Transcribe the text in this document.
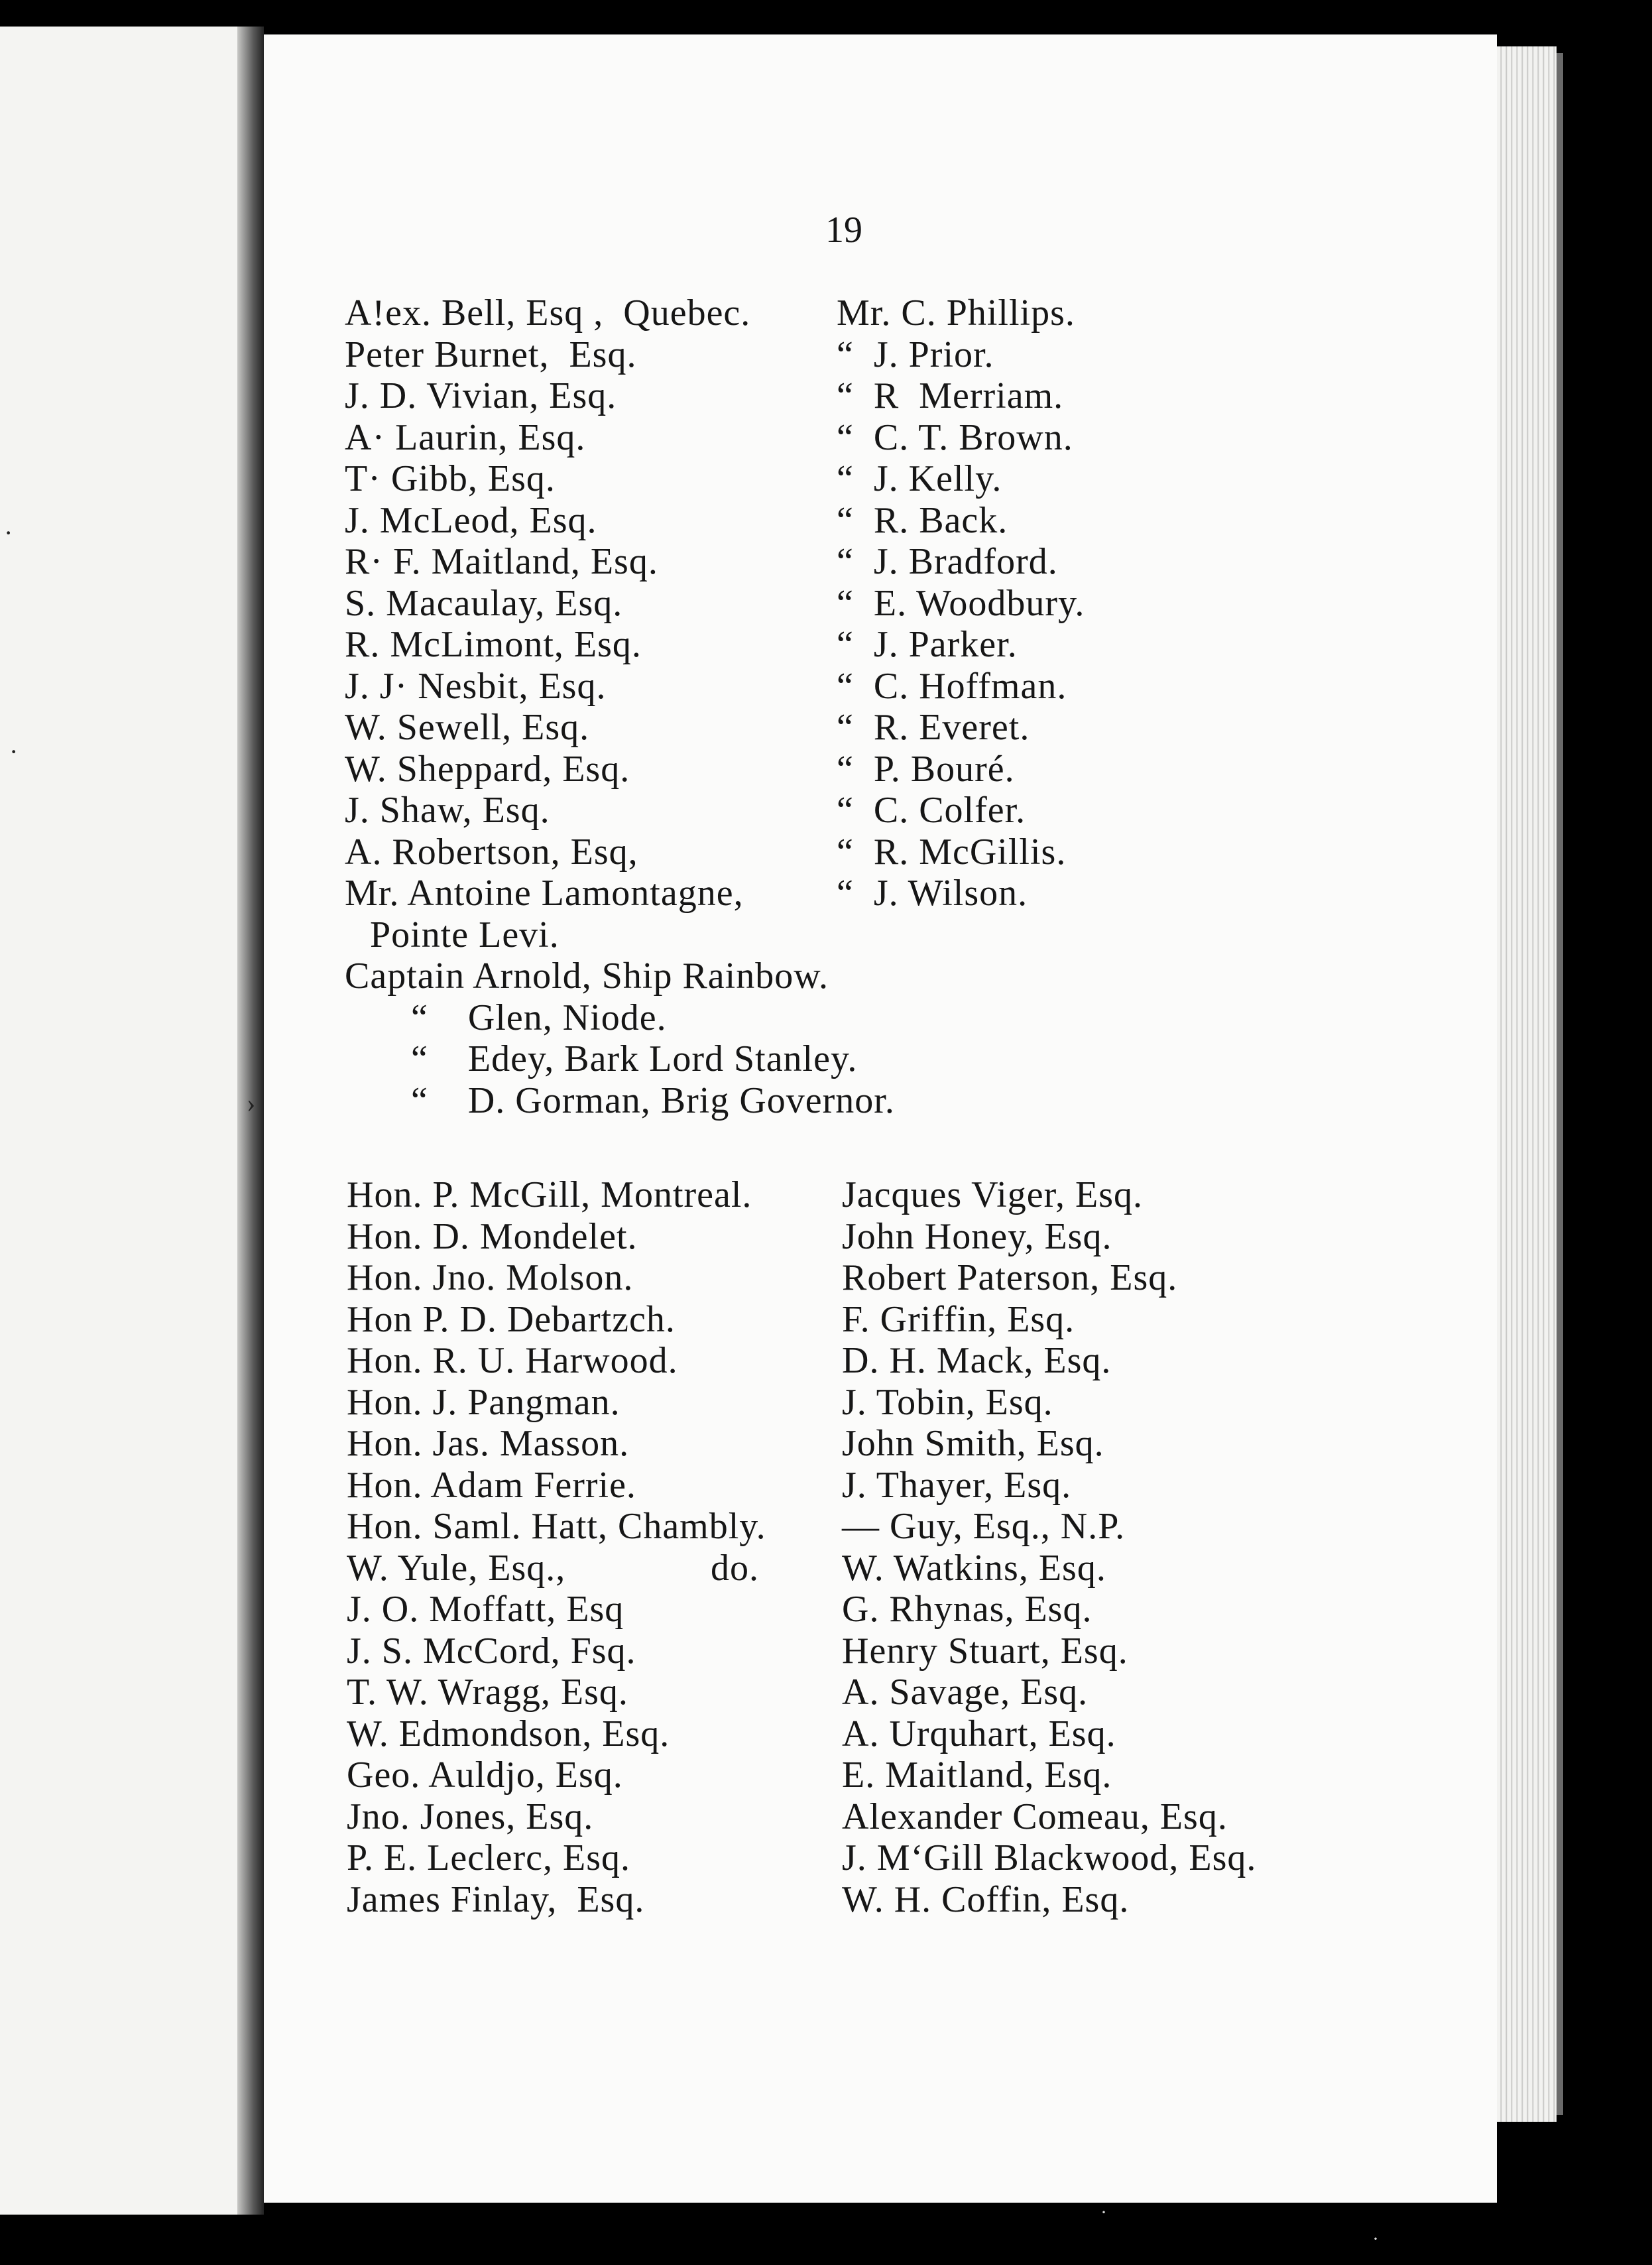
·
·
›
·
·
19
A!ex. Bell, Esq ,  Quebec.
Peter Burnet,  Esq.
J. D. Vivian, Esq.
A· Laurin, Esq.
T· Gibb, Esq.
J. McLeod, Esq.
R· F. Maitland, Esq.
S. Macaulay, Esq.
R. McLimont, Esq.
J. J· Nesbit, Esq.
W. Sewell, Esq.
W. Sheppard, Esq.
J. Shaw, Esq.
A. Robertson, Esq,
Mr. Antoine Lamontagne,
Pointe Levi.
Mr. C. Phillips.
“  J. Prior.
“  R  Merriam.
“  C. T. Brown.
“  J. Kelly.
“  R. Back.
“  J. Bradford.
“  E. Woodbury.
“  J. Parker.
“  C. Hoffman.
“  R. Everet.
“  P. Bouré.
“  C. Colfer.
“  R. McGillis.
“  J. Wilson.
Captain Arnold, Ship Rainbow.
“    Glen, Niode.
“    Edey, Bark Lord Stanley.
“    D. Gorman, Brig Governor.
Hon. P. McGill, Montreal.
Hon. D. Mondelet.
Hon. Jno. Molson.
Hon P. D. Debartzch.
Hon. R. U. Harwood.
Hon. J. Pangman.
Hon. Jas. Masson.
Hon. Adam Ferrie.
Hon. Saml. Hatt, Chambly.
W. Yule, Esq.,
J. O. Moffatt, Esq
J. S. McCord, Fsq.
T. W. Wragg, Esq.
W. Edmondson, Esq.
Geo. Auldjo, Esq.
Jno. Jones, Esq.
P. E. Leclerc, Esq.
James Finlay,  Esq.
do.
Jacques Viger, Esq.
John Honey, Esq.
Robert Paterson, Esq.
F. Griffin, Esq.
D. H. Mack, Esq.
J. Tobin, Esq.
John Smith, Esq.
J. Thayer, Esq.
— Guy, Esq., N.P.
W. Watkins, Esq.
G. Rhynas, Esq.
Henry Stuart, Esq.
A. Savage, Esq.
A. Urquhart, Esq.
E. Maitland, Esq.
Alexander Comeau, Esq.
J. M‘Gill Blackwood, Esq.
W. H. Coffin, Esq.
